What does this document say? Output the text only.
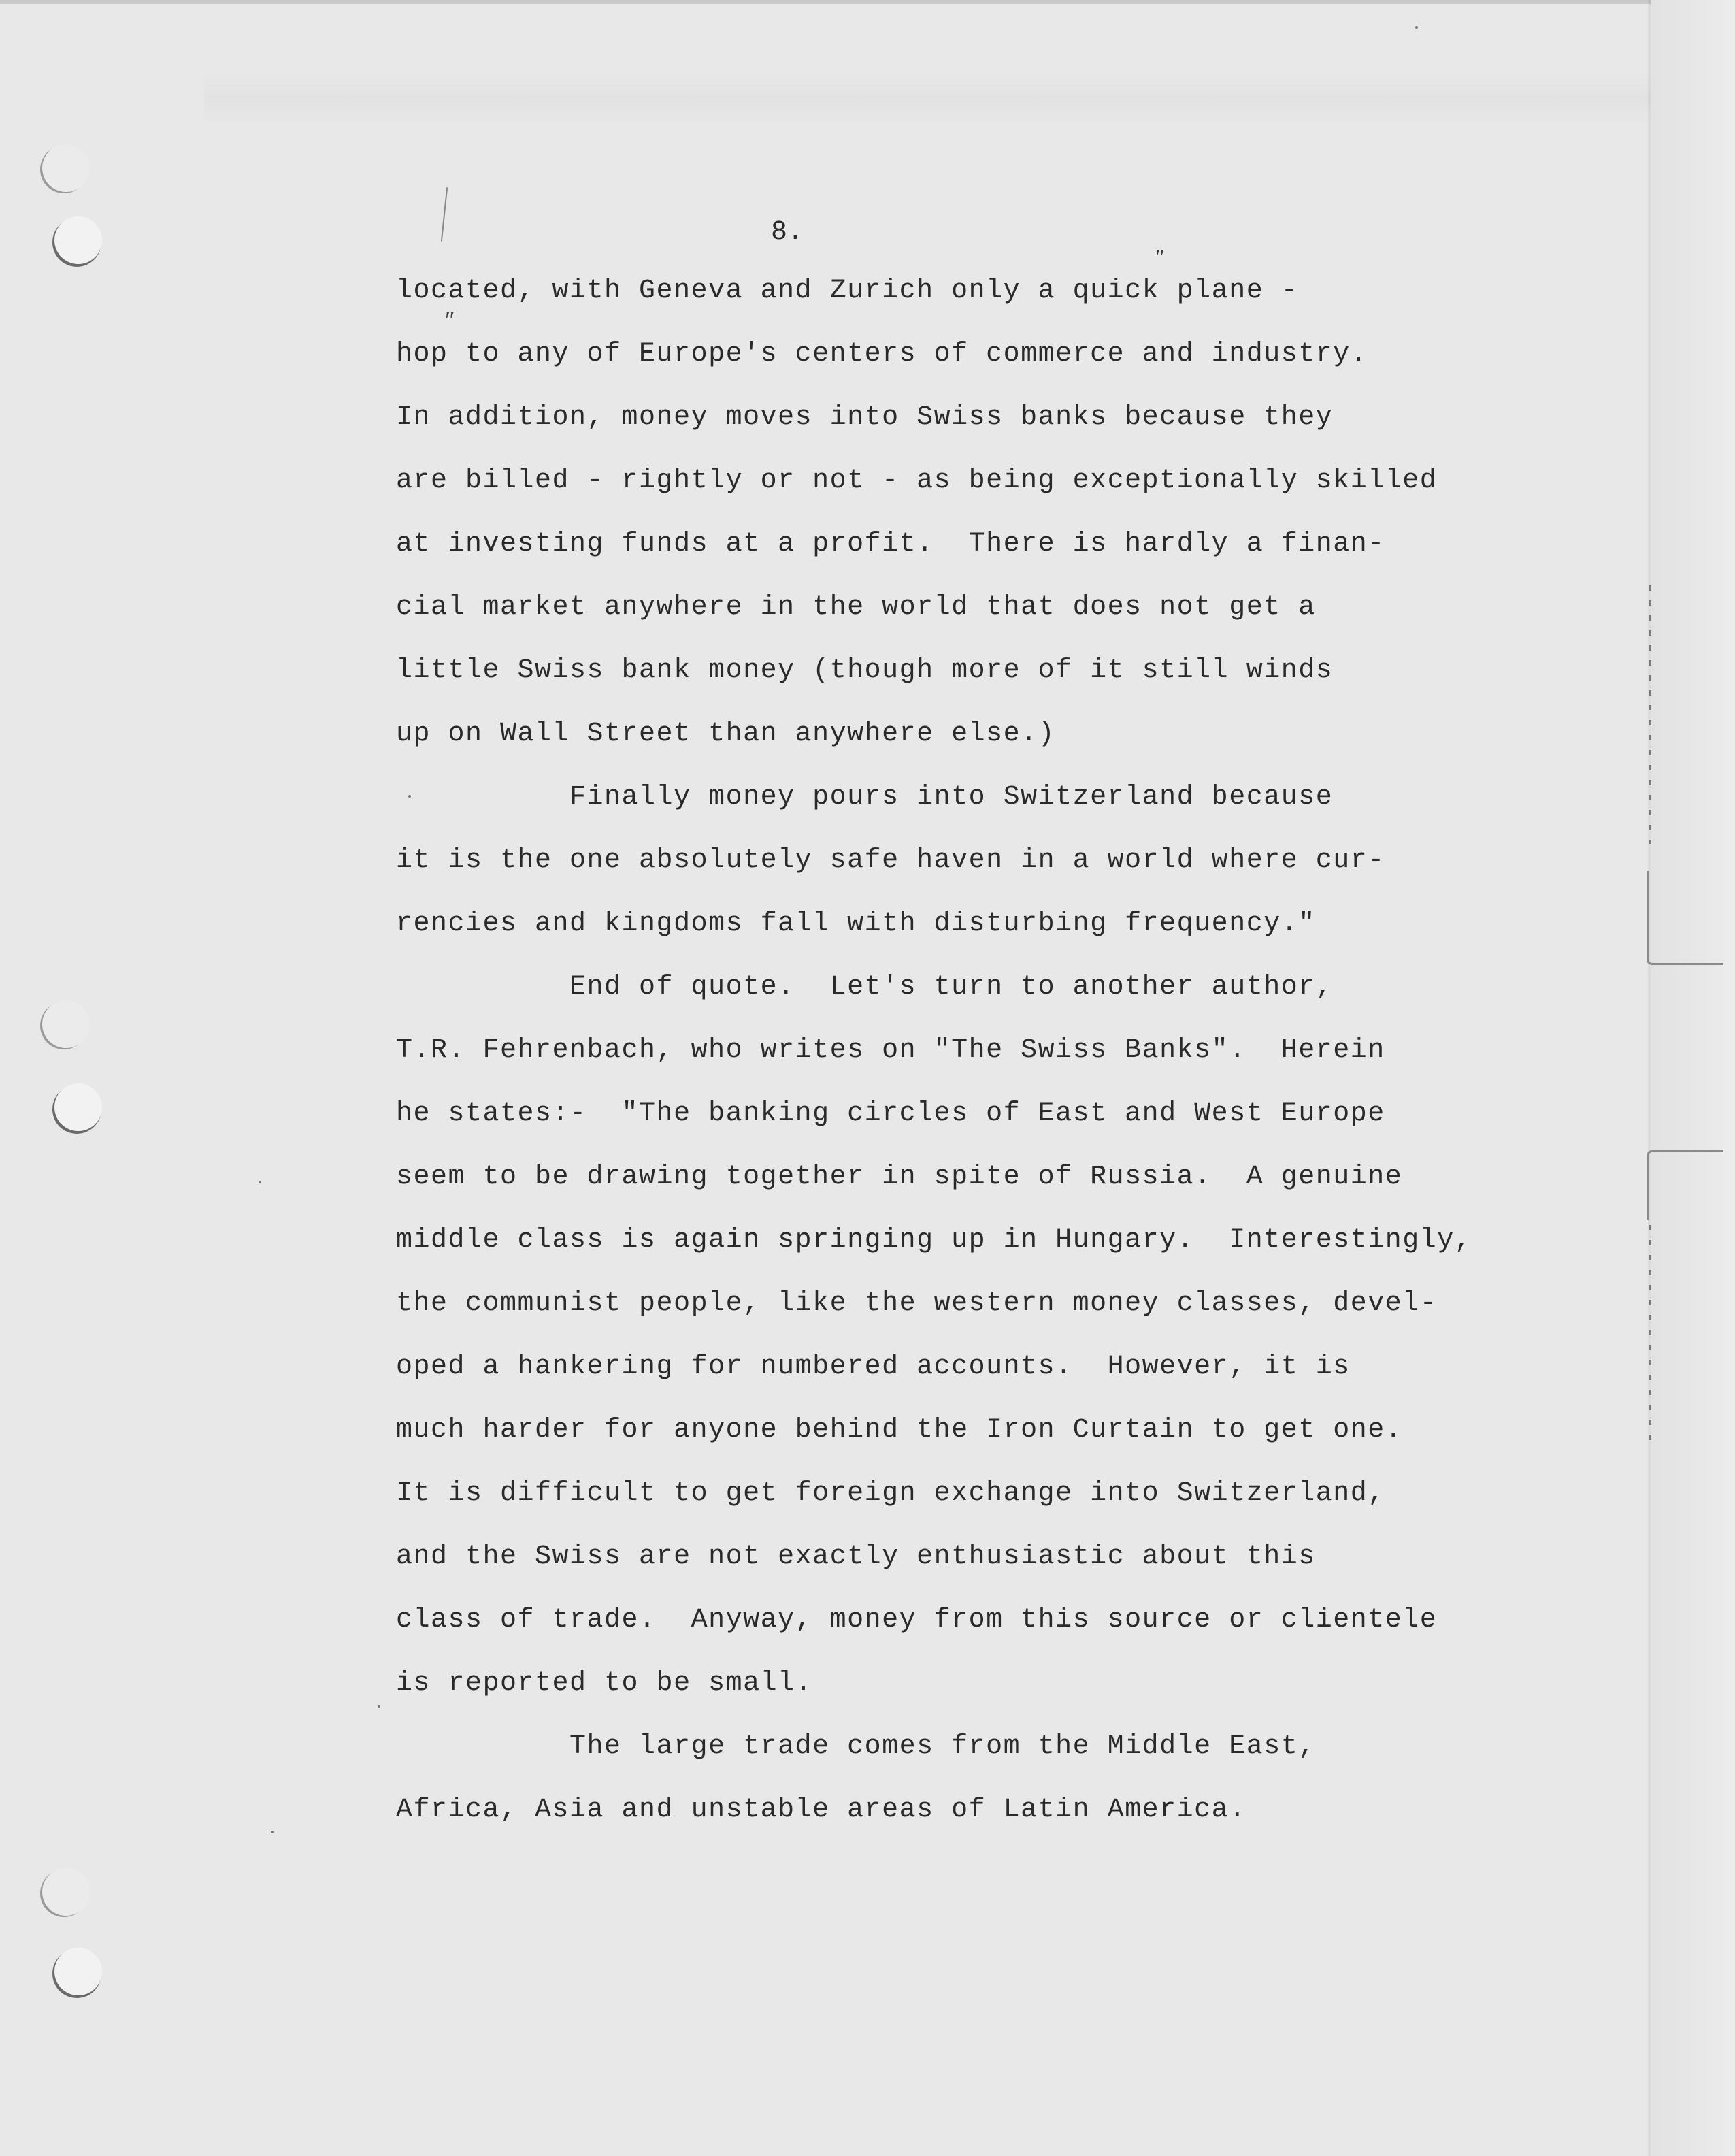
8.
″
″

located, with Geneva and Zurich only a quick plane -

hop to any of Europe's centers of commerce and industry.

In addition, money moves into Swiss banks because they

are billed - rightly or not - as being exceptionally skilled

at investing funds at a profit.  There is hardly a finan-

cial market anywhere in the world that does not get a

little Swiss bank money (though more of it still winds

up on Wall Street than anywhere else.)

Finally money pours into Switzerland because

it is the one absolutely safe haven in a world where cur-

rencies and kingdoms fall with disturbing frequency."

End of quote.  Let's turn to another author,

T.R. Fehrenbach, who writes on "The Swiss Banks".  Herein

he states:-  "The banking circles of East and West Europe

seem to be drawing together in spite of Russia.  A genuine

middle class is again springing up in Hungary.  Interestingly,

the communist people, like the western money classes, devel-

oped a hankering for numbered accounts.  However, it is

much harder for anyone behind the Iron Curtain to get one.

It is difficult to get foreign exchange into Switzerland,

and the Swiss are not exactly enthusiastic about this

class of trade.  Anyway, money from this source or clientele

is reported to be small.

The large trade comes from the Middle East,

Africa, Asia and unstable areas of Latin America.
